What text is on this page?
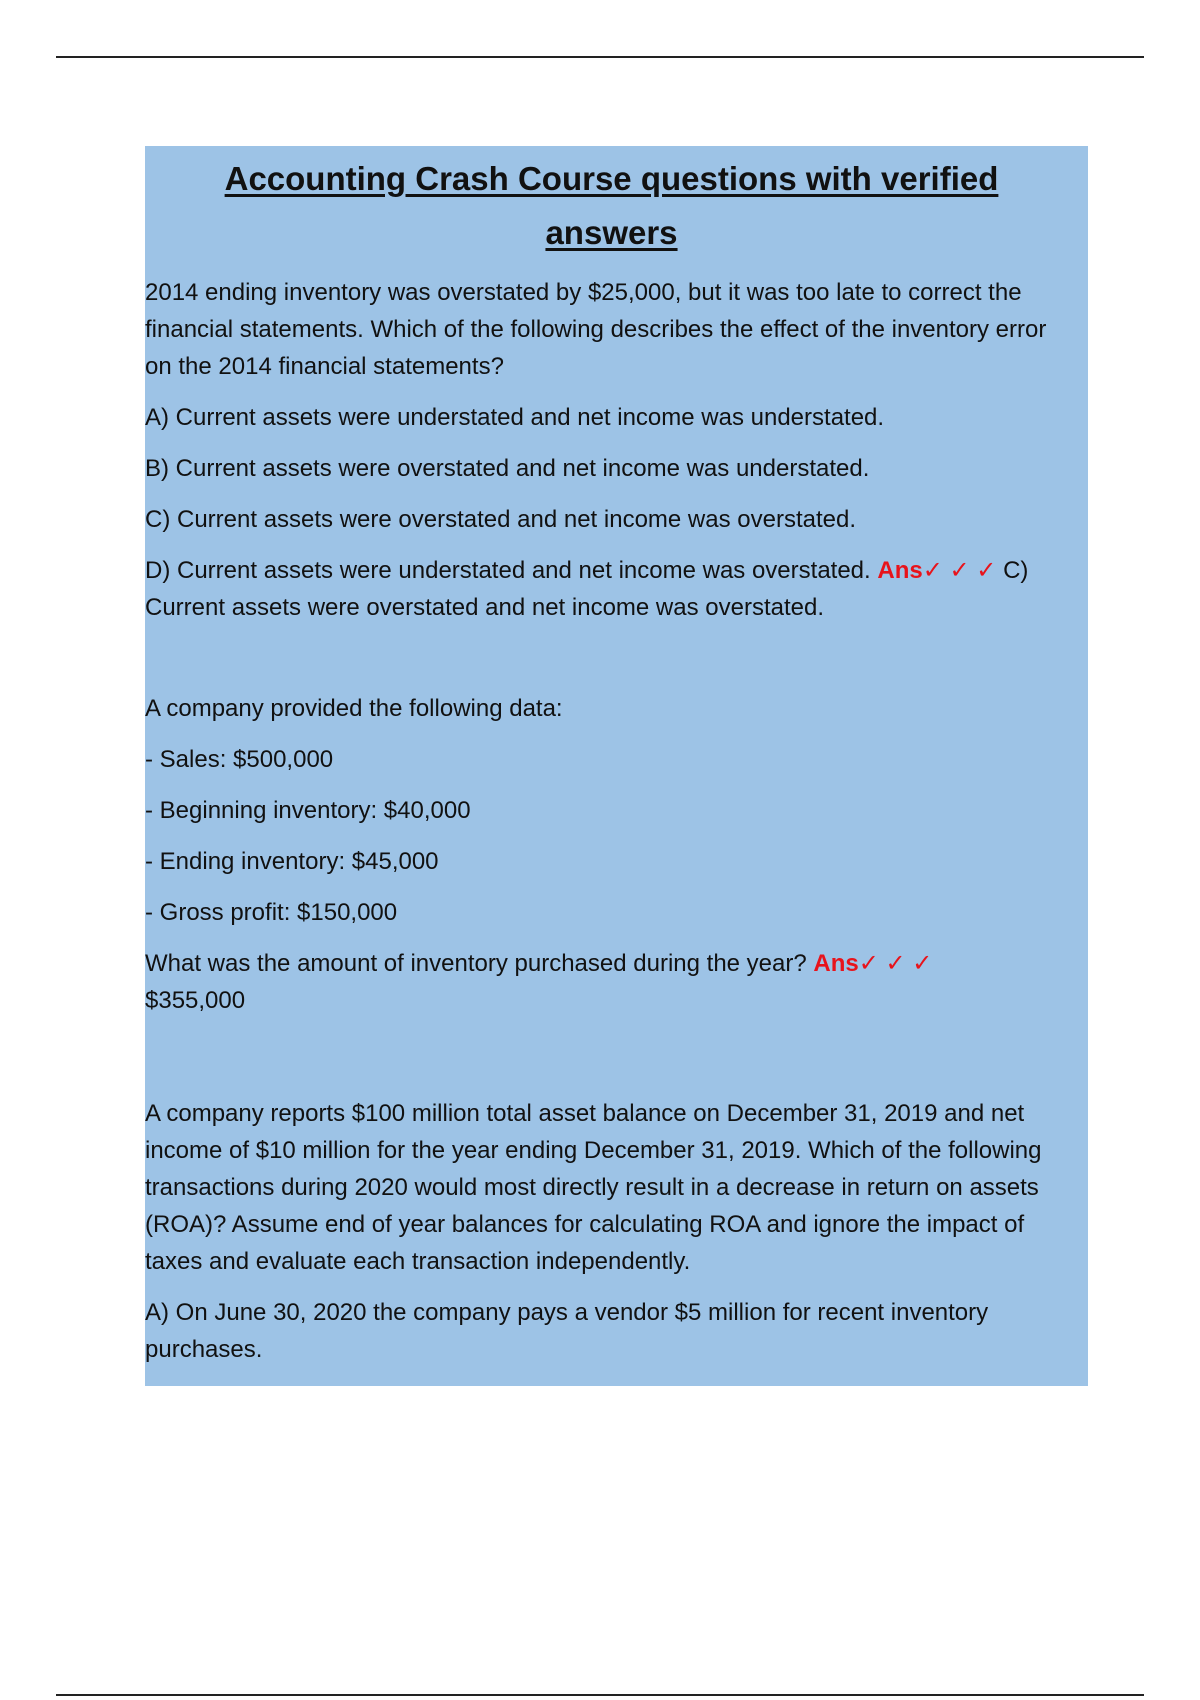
Accounting Crash Course questions with verified answers

2014 ending inventory was overstated by $25,000, but it was too late to correct the financial statements. Which of the following describes the effect of the inventory error on the 2014 financial statements?

A) Current assets were understated and net income was understated.

B) Current assets were overstated and net income was understated.

C) Current assets were overstated and net income was overstated.

D) Current assets were understated and net income was overstated. Ans✓ ✓ ✓ C) Current assets were overstated and net income was overstated.

A company provided the following data:

- Sales: $500,000

- Beginning inventory: $40,000

- Ending inventory: $45,000

- Gross profit: $150,000

What was the amount of inventory purchased during the year? Ans✓ ✓ ✓
$355,000

A company reports $100 million total asset balance on December 31, 2019 and net income of $10 million for the year ending December 31, 2019. Which of the following transactions during 2020 would most directly result in a decrease in return on assets (ROA)? Assume end of year balances for calculating ROA and ignore the impact of taxes and evaluate each transaction independently.

A) On June 30, 2020 the company pays a vendor $5 million for recent inventory purchases.
